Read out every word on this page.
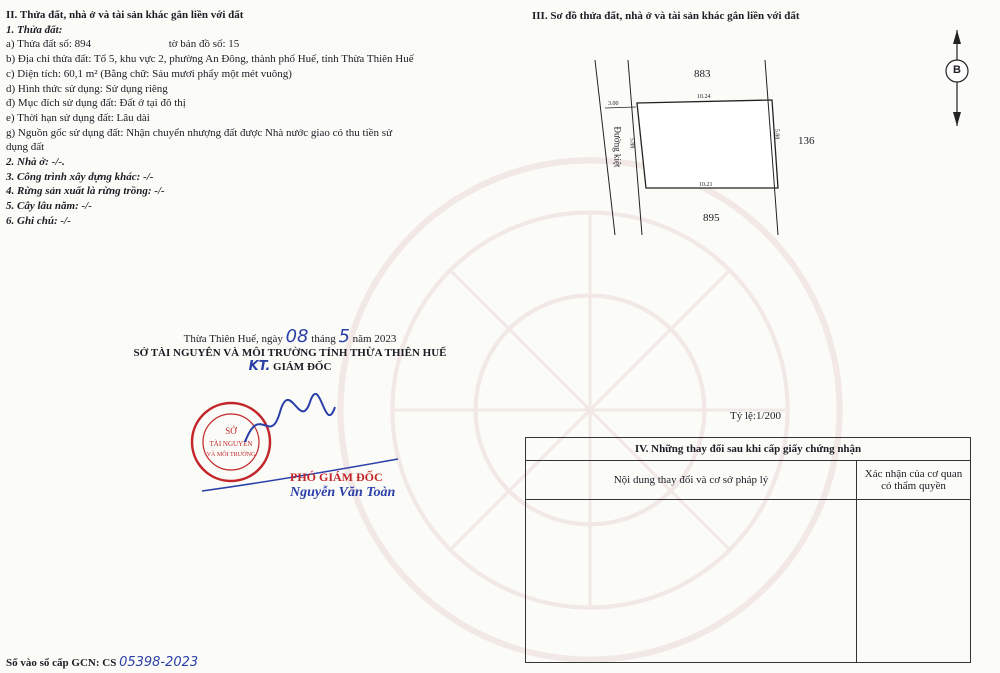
II. Thửa đất, nhà ở và tài sản khác gắn liền với đất
1. Thửa đất:
a) Thửa đất số: 894	tờ bản đồ số: 15
b) Địa chỉ thửa đất: Tổ 5, khu vực 2, phường An Đông, thành phố Huế, tỉnh Thừa Thiên Huế
c) Diện tích: 60,1 m² (Bằng chữ: Sáu mươi phẩy một mét vuông)
d) Hình thức sử dụng: Sử dụng riêng
đ) Mục đích sử dụng đất: Đất ở tại đô thị
e) Thời hạn sử dụng đất: Lâu dài
g) Nguồn gốc sử dụng đất: Nhận chuyển nhượng đất được Nhà nước giao có thu tiền sử
dụng đất
2. Nhà ở: -/-.
3. Công trình xây dựng khác: -/-
4. Rừng sản xuất là rừng trồng: -/-
5. Cây lâu năm: -/-
6. Ghi chú: -/-
Thừa Thiên Huế, ngày 08 tháng 5 năm 2023
SỞ TÀI NGUYÊN VÀ MÔI TRƯỜNG TỈNH THỪA THIÊN HUẾ
KT. GIÁM ĐỐC
SỞ
TÀI NGUYÊN
VÀ MÔI TRƯỜNG
PHÓ GIÁM ĐỐC
Nguyễn Văn Toàn
III. Sơ đồ thửa đất, nhà ở và tài sản khác gắn liền với đất
B
883
136
895
10.24
10.21
3.00
5.88
5.88
Đường kiệt
Tỷ lệ:1/200
IV. Những thay đổi sau khi cấp giấy chứng nhận	
Nội dung thay đổi và cơ sở pháp lý	Xác nhận của cơ quan có thẩm quyền

Số vào sổ cấp GCN: CS 05398-2023
